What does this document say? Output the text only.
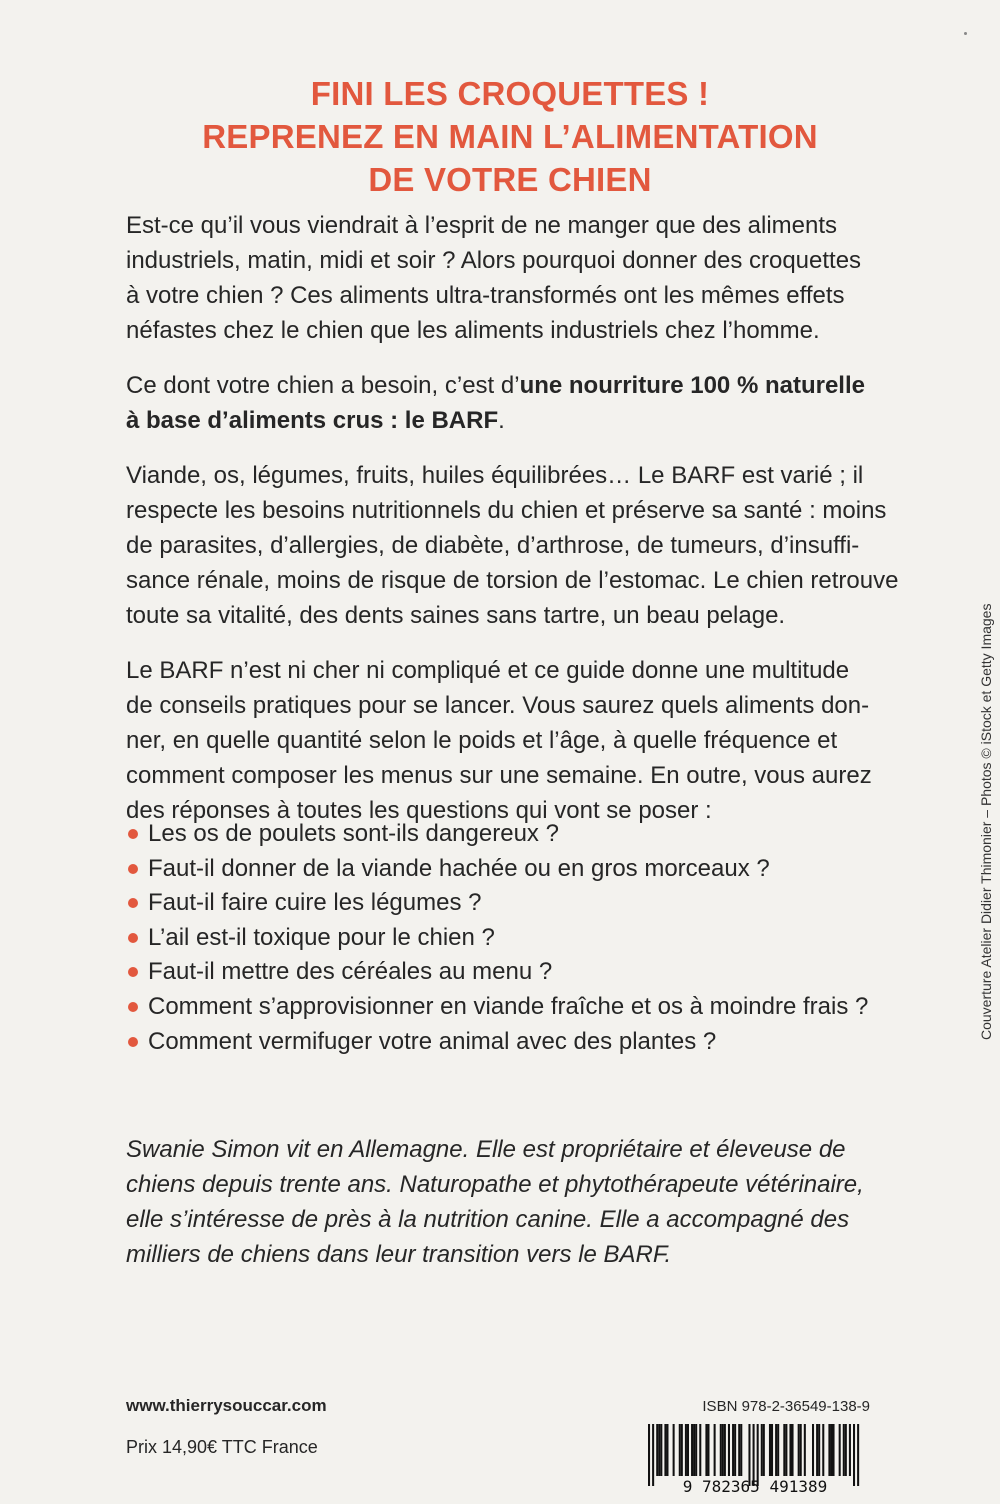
FINI LES CROQUETTES !
REPRENEZ EN MAIN L’ALIMENTATION
DE VOTRE CHIEN

Est-ce qu’il vous viendrait à l’esprit de ne manger que des aliments
industriels, matin, midi et soir ? Alors pourquoi donner des croquettes
à votre chien ? Ces aliments ultra-transformés ont les mêmes effets
néfastes chez le chien que les aliments industriels chez l’homme.

Ce dont votre chien a besoin, c’est d’une nourriture 100 % naturelle
à base d’aliments crus : le BARF.

Viande, os, légumes, fruits, huiles équilibrées… Le BARF est varié ; il
respecte les besoins nutritionnels du chien et préserve sa santé : moins
de parasites, d’allergies, de diabète, d’arthrose, de tumeurs, d’insuffi-
sance rénale, moins de risque de torsion de l’estomac. Le chien retrouve
toute sa vitalité, des dents saines sans tartre, un beau pelage.

Le BARF n’est ni cher ni compliqué et ce guide donne une multitude
de conseils pratiques pour se lancer. Vous saurez quels aliments don-
ner, en quelle quantité selon le poids et l’âge, à quelle fréquence et
comment composer les menus sur une semaine. En outre, vous aurez
des réponses à toutes les questions qui vont se poser :

Les os de poulets sont-ils dangereux ?
Faut-il donner de la viande hachée ou en gros morceaux ?
Faut-il faire cuire les légumes ?
L’ail est-il toxique pour le chien ?
Faut-il mettre des céréales au menu ?
Comment s’approvisionner en viande fraîche et os à moindre frais ?
Comment vermifuger votre animal avec des plantes ?
Swanie Simon vit en Allemagne. Elle est propriétaire et éleveuse de
chiens depuis trente ans. Naturopathe et phytothérapeute vétérinaire,
elle s’intéresse de près à la nutrition canine. Elle a accompagné des
milliers de chiens dans leur transition vers le BARF.
www.thierrysouccar.com
Prix 14,90€ TTC France
ISBN 978-2-36549-138-9
9 782365 491389
Couverture Atelier Didier Thimonier – Photos © iStock et Getty Images
